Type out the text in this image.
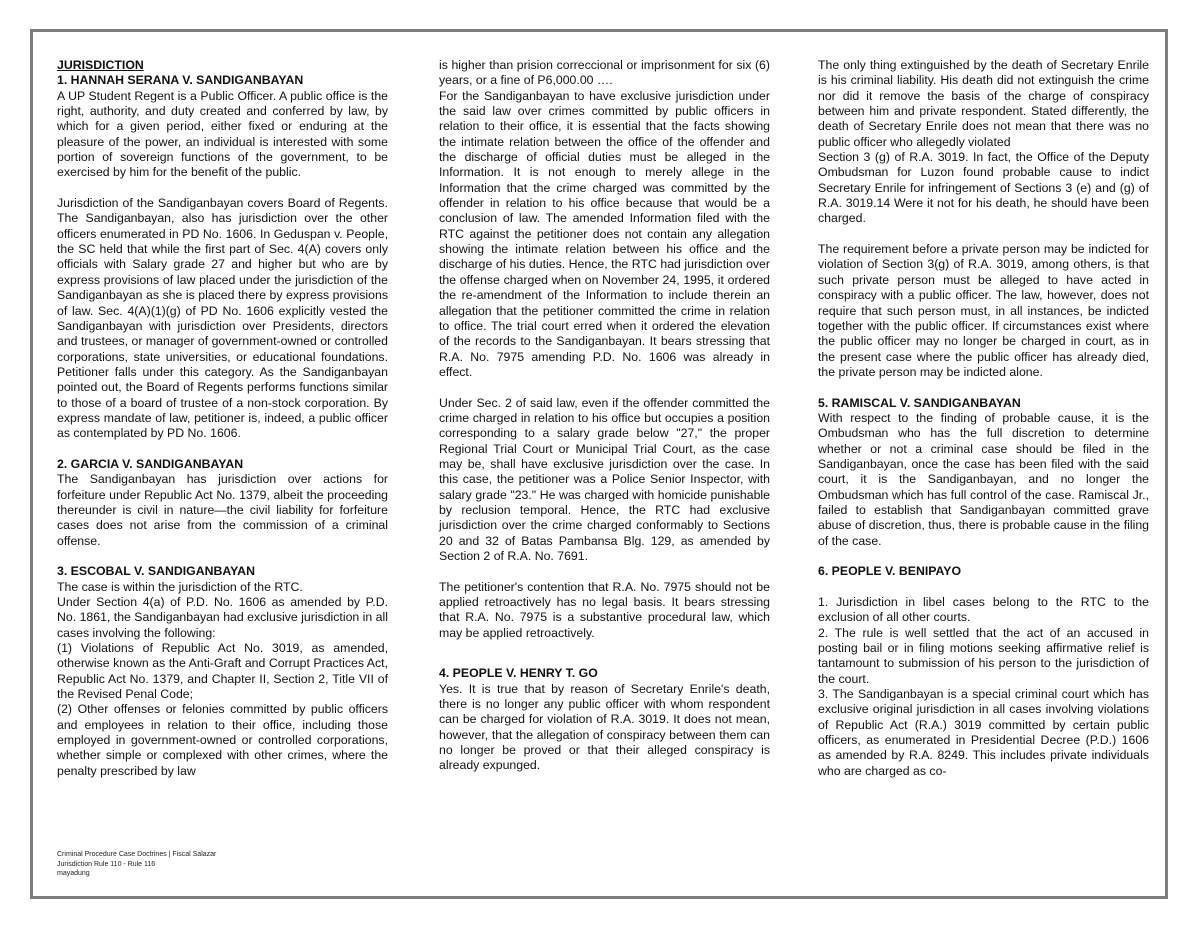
JURISDICTION

1. HANNAH SERANA V. SANDIGANBAYAN

A UP Student Regent is a Public Officer. A public office is the right, authority, and duty created and conferred by law, by which for a given period, either fixed or enduring at the pleasure of the power, an individual is interested with some portion of sovereign functions of the government, to be exercised by him for the benefit of the public.

Jurisdiction of the Sandiganbayan covers Board of Regents. The Sandiganbayan, also has jurisdiction over the other officers enumerated in PD No. 1606. In Geduspan v. People, the SC held that while the first part of Sec. 4(A) covers only officials with Salary grade 27 and higher but who are by express provisions of law placed under the jurisdiction of the Sandiganbayan as she is placed there by express provisions of law. Sec. 4(A)(1)(g) of PD No. 1606 explicitly vested the Sandiganbayan with jurisdiction over Presidents, directors and trustees, or manager of government-owned or controlled corporations, state universities, or educational foundations. Petitioner falls under this category. As the Sandiganbayan pointed out, the Board of Regents performs functions similar to those of a board of trustee of a non-stock corporation. By express mandate of law, petitioner is, indeed, a public officer as contemplated by PD No. 1606.

2. GARCIA V. SANDIGANBAYAN

The Sandiganbayan has jurisdiction over actions for forfeiture under Republic Act No. 1379, albeit the proceeding thereunder is civil in nature—the civil liability for forfeiture cases does not arise from the commission of a criminal offense.

3. ESCOBAL V. SANDIGANBAYAN

The case is within the jurisdiction of the RTC.

Under Section 4(a) of P.D. No. 1606 as amended by P.D. No. 1861, the Sandiganbayan had exclusive jurisdiction in all cases involving the following:

(1) Violations of Republic Act No. 3019, as amended, otherwise known as the Anti-Graft and Corrupt Practices Act, Republic Act No. 1379, and Chapter II, Section 2, Title VII of the Revised Penal Code;

(2) Other offenses or felonies committed by public officers and employees in relation to their office, including those employed in government-owned or controlled corporations, whether simple or complexed with other crimes, where the penalty prescribed by law

is higher than prision correccional or imprisonment for six (6) years, or a fine of P6,000.00 ….

For the Sandiganbayan to have exclusive jurisdiction under the said law over crimes committed by public officers in relation to their office, it is essential that the facts showing the intimate relation between the office of the offender and the discharge of official duties must be alleged in the Information. It is not enough to merely allege in the Information that the crime charged was committed by the offender in relation to his office because that would be a conclusion of law. The amended Information filed with the RTC against the petitioner does not contain any allegation showing the intimate relation between his office and the discharge of his duties. Hence, the RTC had jurisdiction over the offense charged when on November 24, 1995, it ordered the re-amendment of the Information to include therein an allegation that the petitioner committed the crime in relation to office. The trial court erred when it ordered the elevation of the records to the Sandiganbayan. It bears stressing that R.A. No. 7975 amending P.D. No. 1606 was already in effect.

Under Sec. 2 of said law, even if the offender committed the crime charged in relation to his office but occupies a position corresponding to a salary grade below "27," the proper Regional Trial Court or Municipal Trial Court, as the case may be, shall have exclusive jurisdiction over the case. In this case, the petitioner was a Police Senior Inspector, with salary grade "23." He was charged with homicide punishable by reclusion temporal. Hence, the RTC had exclusive jurisdiction over the crime charged conformably to Sections 20 and 32 of Batas Pambansa Blg. 129, as amended by Section 2 of R.A. No. 7691.

The petitioner's contention that R.A. No. 7975 should not be applied retroactively has no legal basis. It bears stressing that R.A. No. 7975 is a substantive procedural law, which may be applied retroactively.

4. PEOPLE V. HENRY T. GO

Yes. It is true that by reason of Secretary Enrile's death, there is no longer any public officer with whom respondent can be charged for violation of R.A. 3019. It does not mean, however, that the allegation of conspiracy between them can no longer be proved or that their alleged conspiracy is already expunged.

The only thing extinguished by the death of Secretary Enrile is his criminal liability. His death did not extinguish the crime nor did it remove the basis of the charge of conspiracy between him and private respondent. Stated differently, the death of Secretary Enrile does not mean that there was no public officer who allegedly violated

Section 3 (g) of R.A. 3019. In fact, the Office of the Deputy Ombudsman for Luzon found probable cause to indict Secretary Enrile for infringement of Sections 3 (e) and (g) of R.A. 3019.14 Were it not for his death, he should have been charged.

The requirement before a private person may be indicted for violation of Section 3(g) of R.A. 3019, among others, is that such private person must be alleged to have acted in conspiracy with a public officer. The law, however, does not require that such person must, in all instances, be indicted together with the public officer. If circumstances exist where the public officer may no longer be charged in court, as in the present case where the public officer has already died, the private person may be indicted alone.

5. RAMISCAL V. SANDIGANBAYAN

With respect to the finding of probable cause, it is the Ombudsman who has the full discretion to determine whether or not a criminal case should be filed in the Sandiganbayan, once the case has been filed with the said court, it is the Sandiganbayan, and no longer the Ombudsman which has full control of the case. Ramiscal Jr., failed to establish that Sandiganbayan committed grave abuse of discretion, thus, there is probable cause in the filing of the case.

6. PEOPLE V. BENIPAYO

1. Jurisdiction in libel cases belong to the RTC to the exclusion of all other courts.

2. The rule is well settled that the act of an accused in posting bail or in filing motions seeking affirmative relief is tantamount to submission of his person to the jurisdiction of the court.

3. The Sandiganbayan is a special criminal court which has exclusive original jurisdiction in all cases involving violations of Republic Act (R.A.) 3019 committed by certain public officers, as enumerated in Presidential Decree (P.D.) 1606 as amended by R.A. 8249. This includes private individuals who are charged as co-

Criminal Procedure Case Doctrines | Fiscal Salazar
Jurisdiction Rule 110 - Rule 116
mayadung
